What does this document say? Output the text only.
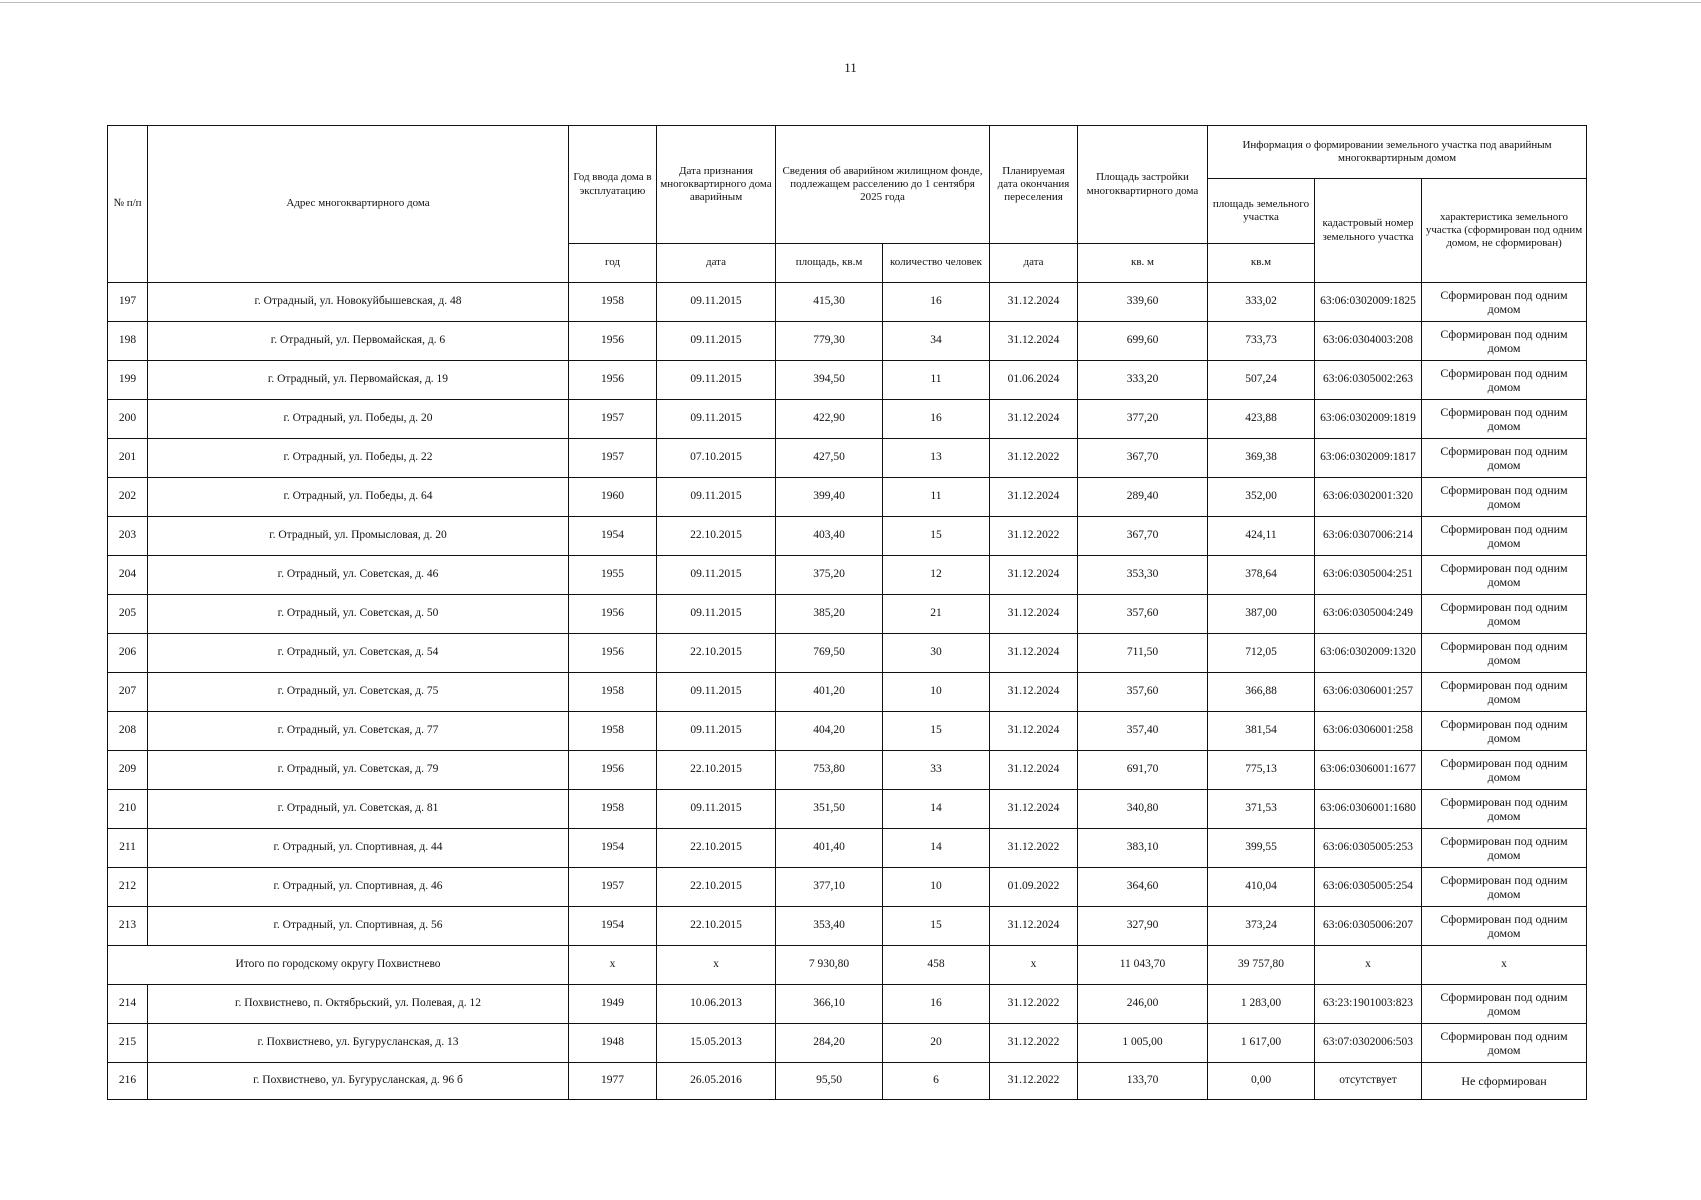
11
№ п/п	Адрес многоквартирного дома	Год ввода дома в эксплуатацию	Дата признания многоквартирного дома аварийным	Сведения об аварийном жилищном фонде, подлежащем расселению до 1 сентября 2025 года		Планируемая дата окончания переселения	Площадь застройки многоквартирного дома	Информация о формировании земельного участка под аварийным многоквартирным домом		
								площадь земельного участка	кадастровый номер земельного участка	характеристика земельного участка (сформирован под одним домом, не сформирован)
		год	дата	площадь, кв.м	количество человек	дата	кв. м	кв.м		
197	г. Отрадный, ул. Новокуйбышевская, д. 48	1958	09.11.2015	415,30	16	31.12.2024	339,60	333,02	63:06:0302009:1825	Сформирован под одним домом
198	г. Отрадный, ул. Первомайская, д. 6	1956	09.11.2015	779,30	34	31.12.2024	699,60	733,73	63:06:0304003:208	Сформирован под одним домом
199	г. Отрадный, ул. Первомайская, д. 19	1956	09.11.2015	394,50	11	01.06.2024	333,20	507,24	63:06:0305002:263	Сформирован под одним домом
200	г. Отрадный, ул. Победы, д. 20	1957	09.11.2015	422,90	16	31.12.2024	377,20	423,88	63:06:0302009:1819	Сформирован под одним домом
201	г. Отрадный, ул. Победы, д. 22	1957	07.10.2015	427,50	13	31.12.2022	367,70	369,38	63:06:0302009:1817	Сформирован под одним домом
202	г. Отрадный, ул. Победы, д. 64	1960	09.11.2015	399,40	11	31.12.2024	289,40	352,00	63:06:0302001:320	Сформирован под одним домом
203	г. Отрадный, ул. Промысловая, д. 20	1954	22.10.2015	403,40	15	31.12.2022	367,70	424,11	63:06:0307006:214	Сформирован под одним домом
204	г. Отрадный, ул. Советская, д. 46	1955	09.11.2015	375,20	12	31.12.2024	353,30	378,64	63:06:0305004:251	Сформирован под одним домом
205	г. Отрадный, ул. Советская, д. 50	1956	09.11.2015	385,20	21	31.12.2024	357,60	387,00	63:06:0305004:249	Сформирован под одним домом
206	г. Отрадный, ул. Советская, д. 54	1956	22.10.2015	769,50	30	31.12.2024	711,50	712,05	63:06:0302009:1320	Сформирован под одним домом
207	г. Отрадный, ул. Советская, д. 75	1958	09.11.2015	401,20	10	31.12.2024	357,60	366,88	63:06:0306001:257	Сформирован под одним домом
208	г. Отрадный, ул. Советская, д. 77	1958	09.11.2015	404,20	15	31.12.2024	357,40	381,54	63:06:0306001:258	Сформирован под одним домом
209	г. Отрадный, ул. Советская, д. 79	1956	22.10.2015	753,80	33	31.12.2024	691,70	775,13	63:06:0306001:1677	Сформирован под одним домом
210	г. Отрадный, ул. Советская, д. 81	1958	09.11.2015	351,50	14	31.12.2024	340,80	371,53	63:06:0306001:1680	Сформирован под одним домом
211	г. Отрадный, ул. Спортивная, д. 44	1954	22.10.2015	401,40	14	31.12.2022	383,10	399,55	63:06:0305005:253	Сформирован под одним домом
212	г. Отрадный, ул. Спортивная, д. 46	1957	22.10.2015	377,10	10	01.09.2022	364,60	410,04	63:06:0305005:254	Сформирован под одним домом
213	г. Отрадный, ул. Спортивная, д. 56	1954	22.10.2015	353,40	15	31.12.2024	327,90	373,24	63:06:0305006:207	Сформирован под одним домом
Итого по городскому округу Похвистнево		x	x	7 930,80	458	x	11 043,70	39 757,80	x	x
214	г. Похвистнево, п. Октябрьский, ул. Полевая, д. 12	1949	10.06.2013	366,10	16	31.12.2022	246,00	1 283,00	63:23:1901003:823	Сформирован под одним домом
215	г. Похвистнево, ул. Бугурусланская, д. 13	1948	15.05.2013	284,20	20	31.12.2022	1 005,00	1 617,00	63:07:0302006:503	Сформирован под одним домом
216	г. Похвистнево, ул. Бугурусланская, д. 96 б	1977	26.05.2016	95,50	6	31.12.2022	133,70	0,00	отсутствует	Не сформирован
